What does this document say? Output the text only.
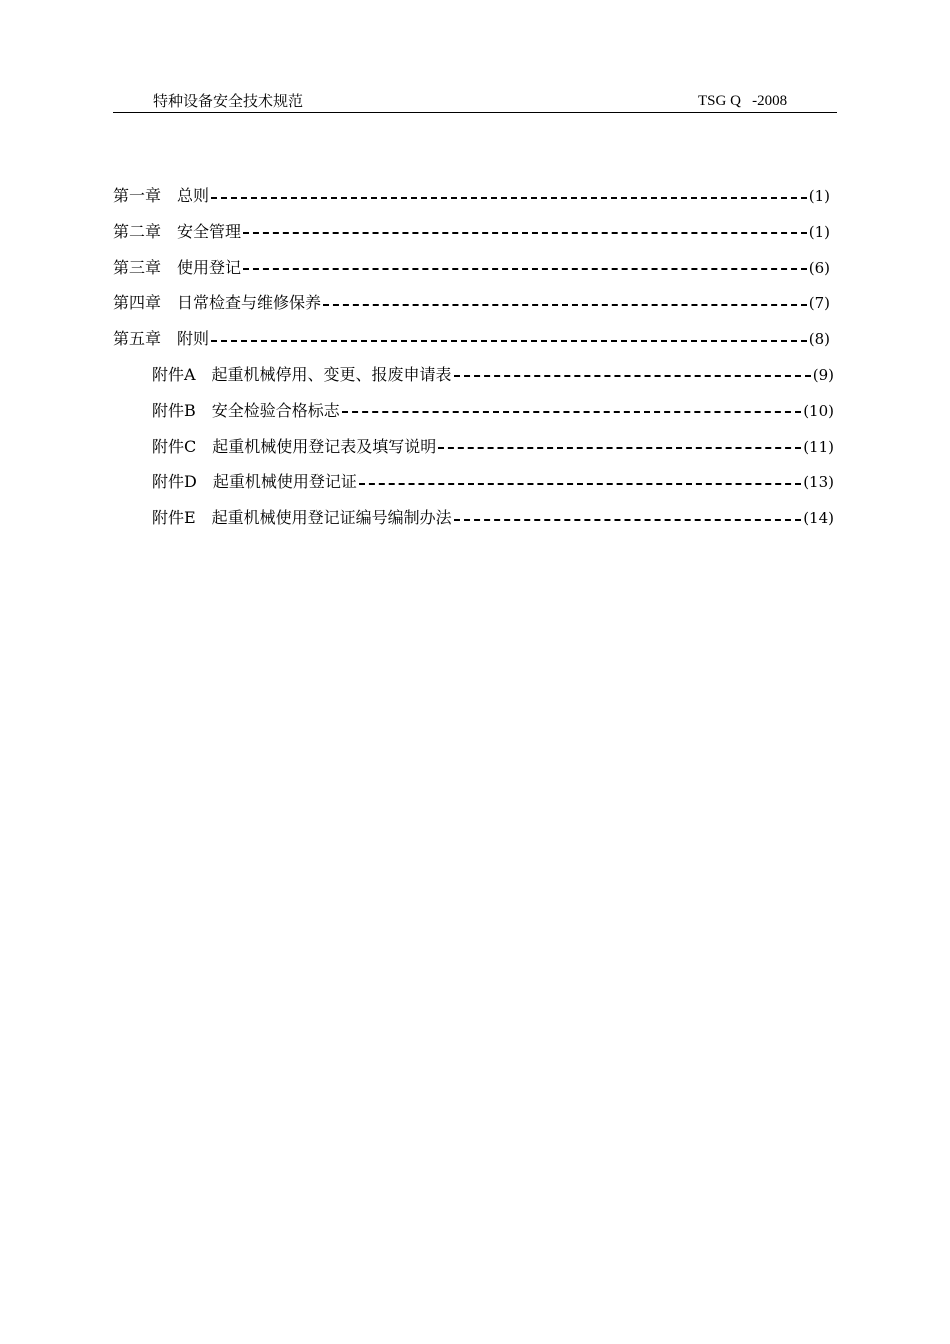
特种设备安全技术规范	TSG Q   -2008
第一章　总则	(1)
第二章　安全管理	(1)
第三章　使用登记	(6)
第四章　日常检查与维修保养	(7)
第五章　附则	(8)
附件A　起重机械停用、变更、报废申请表	(9)
附件B　安全检验合格标志	(10)
附件C　起重机械使用登记表及填写说明	(11)
附件D　起重机械使用登记证	(13)
附件E　起重机械使用登记证编号编制办法	(14)
